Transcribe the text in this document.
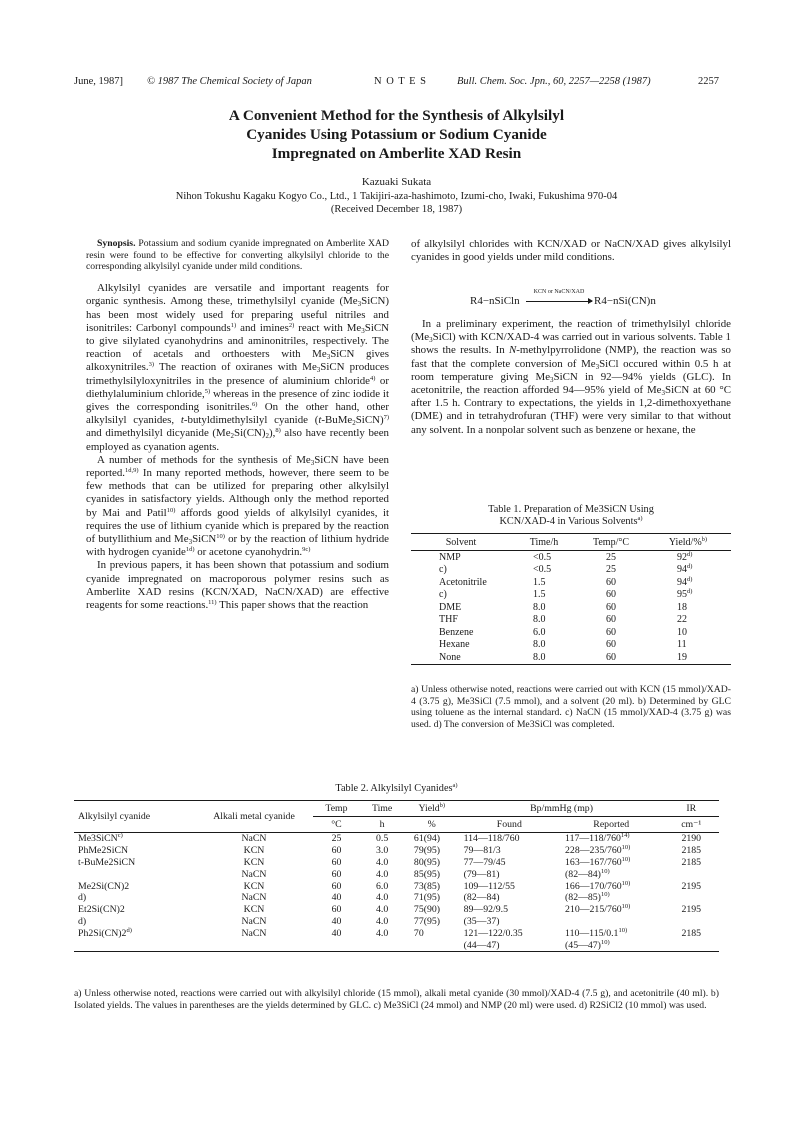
June, 1987] © 1987 The Chemical Society of Japan	N O T E S	Bull. Chem. Soc. Jpn., 60, 2257—2258 (1987)	2257
A Convenient Method for the Synthesis of Alkylsilyl
Cyanides Using Potassium or Sodium Cyanide
Impregnated on Amberlite XAD Resin
Kazuaki Sukata
Nihon Tokushu Kagaku Kogyo Co., Ltd., 1 Takijiri-aza-hashimoto, Izumi-cho, Iwaki, Fukushima 970-04
(Received December 18, 1987)

Synopsis. Potassium and sodium cyanide impregnated on Amberlite XAD resin were found to be effective for converting alkylsilyl chloride to the corresponding alkylsilyl cyanide under mild conditions.

Alkylsilyl cyanides are versatile and important reagents for organic synthesis. Among these, trimethylsilyl cyanide $(Me_3SiCN)$ has been most widely used for preparing useful nitriles and isonitriles: Carbonyl compounds$^{1)}$ and imines$^{2)}$ react with $Me_3SiCN$ to give silylated cyanohydrins and aminonitriles, respectively. The reaction of acetals and orthoesters with $Me_3SiCN$ gives alkoxynitriles.$^{3)}$ The reaction of oxiranes with $Me_3SiCN$ produces trimethylsilyloxynitriles in the presence of aluminium chloride$^{4)}$ or diethylaluminium chloride,$^{5)}$ whereas in the presence of zinc iodide it gives the corresponding isonitriles.$^{6)}$ On the other hand, other alkylsilyl cyanides, t-butyldimethylsilyl cyanide (t-BuMe$_2$SiCN)$^{7)}$ and dimethylsilyl dicyanide $(Me_2Si(CN)_2),^{8)}$ also have recently been employed as cyanation agents.

A number of methods for the synthesis of $Me_3SiCN$ have been reported.$^{1d,9)}$ In many reported methods, however, there seem to be few methods that can be utilized for preparing other alkylsilyl cyanides in satisfactory yields. Although only the method reported by Mai and Patil$^{10)}$ affords good yields of alkylsilyl cyanides, it requires the use of lithium cyanide which is prepared by the reaction of butyllithium and $Me_3SiCN^{10)}$ or by the reaction of lithium hydride with hydrogen cyanide$^{1d)}$ or acetone cyanohydrin.$^{9c)}$

In previous papers, it has been shown that potassium and sodium cyanide impregnated on macroporous polymer resins such as Amberlite XAD resins (KCN/XAD, NaCN/XAD) are effective reagents for some reactions.$^{11)}$ This paper shows that the reaction

of alkylsilyl chlorides with KCN/XAD or NaCN/XAD gives alkylsilyl cyanides in good yields under mild conditions.

R4−nSiCln
KCN or NaCN/XAD
R4−nSi(CN)n

In a preliminary experiment, the reaction of trimethylsilyl chloride $(Me_3SiCl)$ with KCN/XAD-4 was carried out in various solvents. Table 1 shows the results. In N-methylpyrrolidone (NMP), the reaction was so fast that the complete conversion of $Me_3SiCl$ occured within 0.5 h at room temperature giving $Me_3SiCN$ in 92—94% yields (GLC). In acetonitrile, the reaction afforded 94—95% yield of $Me_3SiCN$ at 60 °C after 1.5 h. Contrary to expectations, the yields in 1,2-dimethoxyethane (DME) and in tetrahydrofuran (THF) were very similar to that without any solvent. In a nonpolar solvent such as benzene or hexane, the

Table 1. Preparation of Me3SiCN Using
KCN/XAD-4 in Various Solvents$^{a)}$
Solvent	Time/h	Temp/°C	Yield/%$^{b)}$
NMP	<0.5	25	92$^{d)}$
c)	<0.5	25	94$^{d)}$
Acetonitrile	1.5	60	94$^{d)}$
c)	1.5	60	95$^{d)}$
DME	8.0	60	18
THF	8.0	60	22
Benzene	6.0	60	10
Hexane	8.0	60	11
None	8.0	60	19
a) Unless otherwise noted, reactions were carried out with KCN (15 mmol)/XAD-4 (3.75 g), Me3SiCl (7.5 mmol), and a solvent (20 ml). b) Determined by GLC using toluene as the internal standard. c) NaCN (15 mmol)/XAD-4 (3.75 g) was used. d) The conversion of Me3SiCl was completed.
Table 2. Alkylsilyl Cyanides$^{a)}$
Alkylsilyl cyanide	Alkali metal cyanide	Temp	Time	Yield$^{b)}$	Bp/mmHg (mp)		IR
		°C	h	%	Found	Reported	cm⁻¹
Me3SiCN$^{c)}$	NaCN	25	0.5	61(94)	114—118/760	117—118/760$^{14)}$	2190
PhMe2SiCN	KCN	60	3.0	79(95)	79—81/3	228—235/760$^{10)}$	2185
t-BuMe2SiCN	KCN	60	4.0	80(95)	77—79/45	163—167/760$^{10)}$	2185
	NaCN	60	4.0	85(95)	(79—81)	(82—84)$^{10)}$	
Me2Si(CN)2	KCN	60	6.0	73(85)	109—112/55	166—170/760$^{10)}$	2195
d)	NaCN	40	4.0	71(95)	(82—84)	(82—85)$^{10)}$	
Et2Si(CN)2	KCN	60	4.0	75(90)	89—92/9.5	210—215/760$^{10)}$	2195
d)	NaCN	40	4.0	77(95)	(35—37)		
Ph2Si(CN)2$^{d)}$	NaCN	40	4.0	70	121—122/0.35	110—115/0.1$^{10)}$	2185
					(44—47)	(45—47)$^{10)}$	
a) Unless otherwise noted, reactions were carried out with alkylsilyl chloride (15 mmol), alkali metal cyanide (30 mmol)/XAD-4 (7.5 g), and acetonitrile (40 ml). b) Isolated yields. The values in parentheses are the yields determined by GLC. c) Me3SiCl (24 mmol) and NMP (20 ml) were used. d) R2SiCl2 (10 mmol) was used.
